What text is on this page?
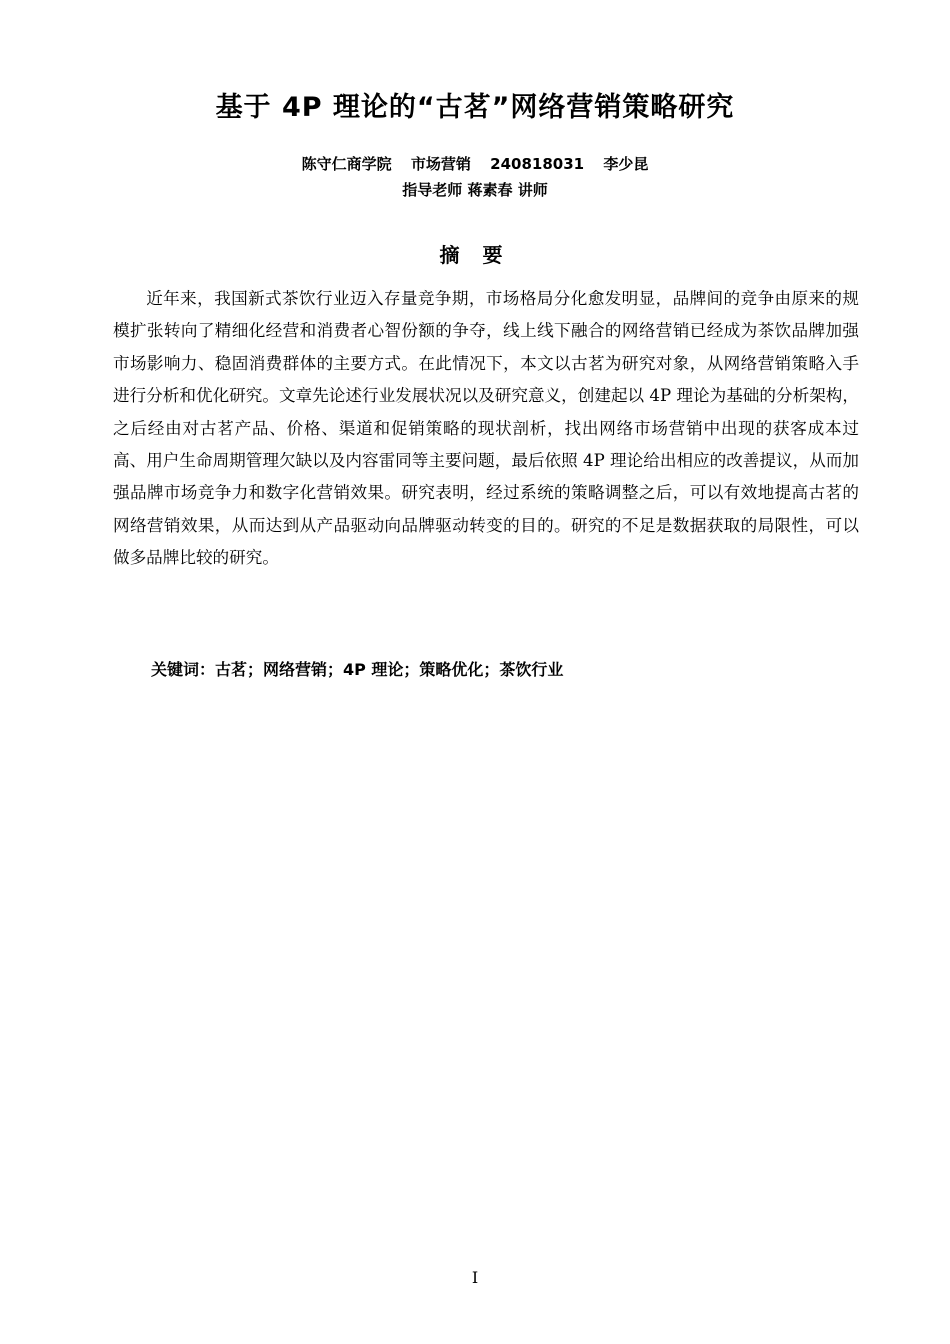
基于 4P 理论的“古茗”网络营销策略研究
陈守仁商学院 市场营销 240818031 李少昆
指导老师 蒋素春 讲师
摘 要

近年来，我国新式茶饮行业迈入存量竞争期，市场格局分化愈发明显，品牌间的竞争由原来的规模扩张转向了精细化经营和消费者心智份额的争夺，线上线下融合的网络营销已经成为茶饮品牌加强市场影响力、稳固消费群体的主要方式。在此情况下，本文以古茗为研究对象，从网络营销策略入手进行分析和优化研究。文章先论述行业发展状况以及研究意义，创建起以 4P 理论为基础的分析架构，之后经由对古茗产品、价格、渠道和促销策略的现状剖析，找出网络市场营销中出现的获客成本过高、用户生命周期管理欠缺以及内容雷同等主要问题，最后依照 4P 理论给出相应的改善提议，从而加强品牌市场竞争力和数字化营销效果。研究表明，经过系统的策略调整之后，可以有效地提高古茗的网络营销效果，从而达到从产品驱动向品牌驱动转变的目的。研究的不足是数据获取的局限性，可以做多品牌比较的研究。

关键词：古茗；网络营销；4P 理论；策略优化；茶饮行业
I
